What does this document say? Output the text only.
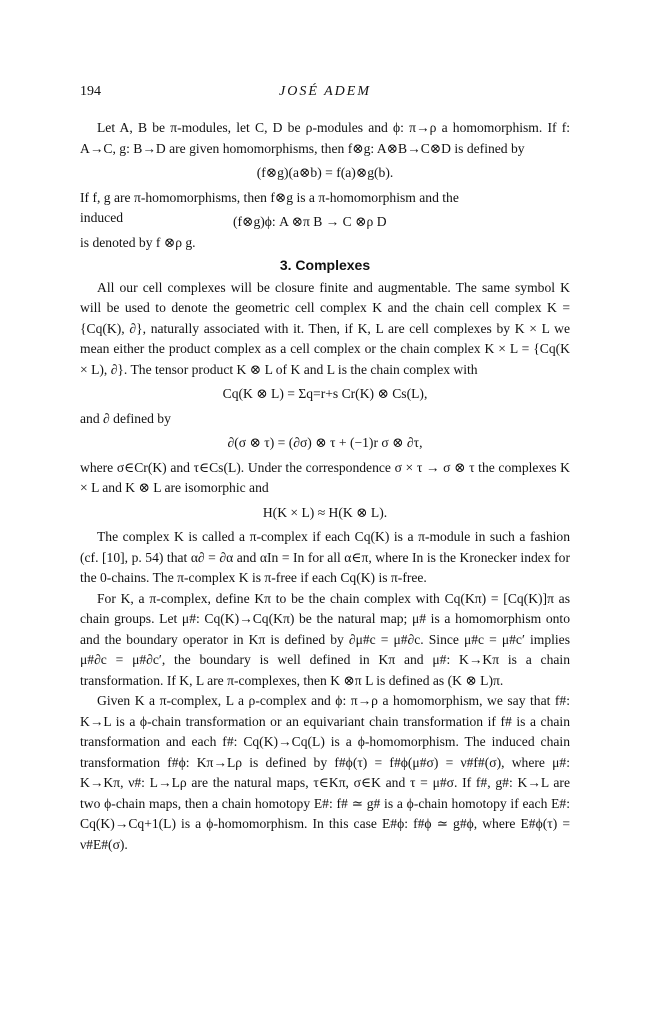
194	JOSÉ ADEM

Let A, B be π-modules, let C, D be ρ-modules and ϕ: π→ρ a homomorphism. If f: A→C, g: B→D are given homomorphisms, then f⊗g: A⊗B→C⊗D is defined by

(f⊗g)(a⊗b) = f(a)⊗g(b).

If f, g are π-homomorphisms, then f⊗g is a π-homomorphism and the

induced	(f⊗g)ϕ: A ⊗π B → C ⊗ρ D

is denoted by f ⊗ρ g.

3. Complexes

All our cell complexes will be closure finite and augmentable. The same symbol K will be used to denote the geometric cell complex K and the chain cell complex K = {Cq(K), ∂}, naturally associated with it. Then, if K, L are cell complexes by K × L we mean either the product complex as a cell complex or the chain complex K × L = {Cq(K × L), ∂}. The tensor product K ⊗ L of K and L is the chain complex with

Cq(K ⊗ L) = Σq=r+s Cr(K) ⊗ Cs(L),

and ∂ defined by

∂(σ ⊗ τ) = (∂σ) ⊗ τ + (−1)r σ ⊗ ∂τ,

where σ∈Cr(K) and τ∈Cs(L). Under the correspondence σ × τ → σ ⊗ τ the complexes K × L and K ⊗ L are isomorphic and

H(K × L) ≈ H(K ⊗ L).

The complex K is called a π-complex if each Cq(K) is a π-module in such a fashion (cf. [10], p. 54) that α∂ = ∂α and αIn = In for all α∈π, where In is the Kronecker index for the 0-chains. The π-complex K is π-free if each Cq(K) is π-free.

For K, a π-complex, define Kπ to be the chain complex with Cq(Kπ) = [Cq(K)]π as chain groups. Let μ#: Cq(K)→Cq(Kπ) be the natural map; μ# is a homomorphism onto and the boundary operator in Kπ is defined by ∂μ#c = μ#∂c. Since μ#c = μ#c′ implies μ#∂c = μ#∂c′, the boundary is well defined in Kπ and μ#: K→Kπ is a chain transformation. If K, L are π-complexes, then K ⊗π L is defined as (K ⊗ L)π.

Given K a π-complex, L a ρ-complex and ϕ: π→ρ a homomorphism, we say that f#: K→L is a ϕ-chain transformation or an equivariant chain transformation if f# is a chain transformation and each f#: Cq(K)→Cq(L) is a ϕ-homomorphism. The induced chain transformation f#ϕ: Kπ→Lρ is defined by f#ϕ(τ) = f#ϕ(μ#σ) = ν#f#(σ), where μ#: K→Kπ, ν#: L→Lρ are the natural maps, τ∈Kπ, σ∈K and τ = μ#σ. If f#, g#: K→L are two ϕ-chain maps, then a chain homotopy E#: f# ≃ g# is a ϕ-chain homotopy if each E#: Cq(K)→Cq+1(L) is a ϕ-homomorphism. In this case E#ϕ: f#ϕ ≃ g#ϕ, where E#ϕ(τ) = ν#E#(σ).
